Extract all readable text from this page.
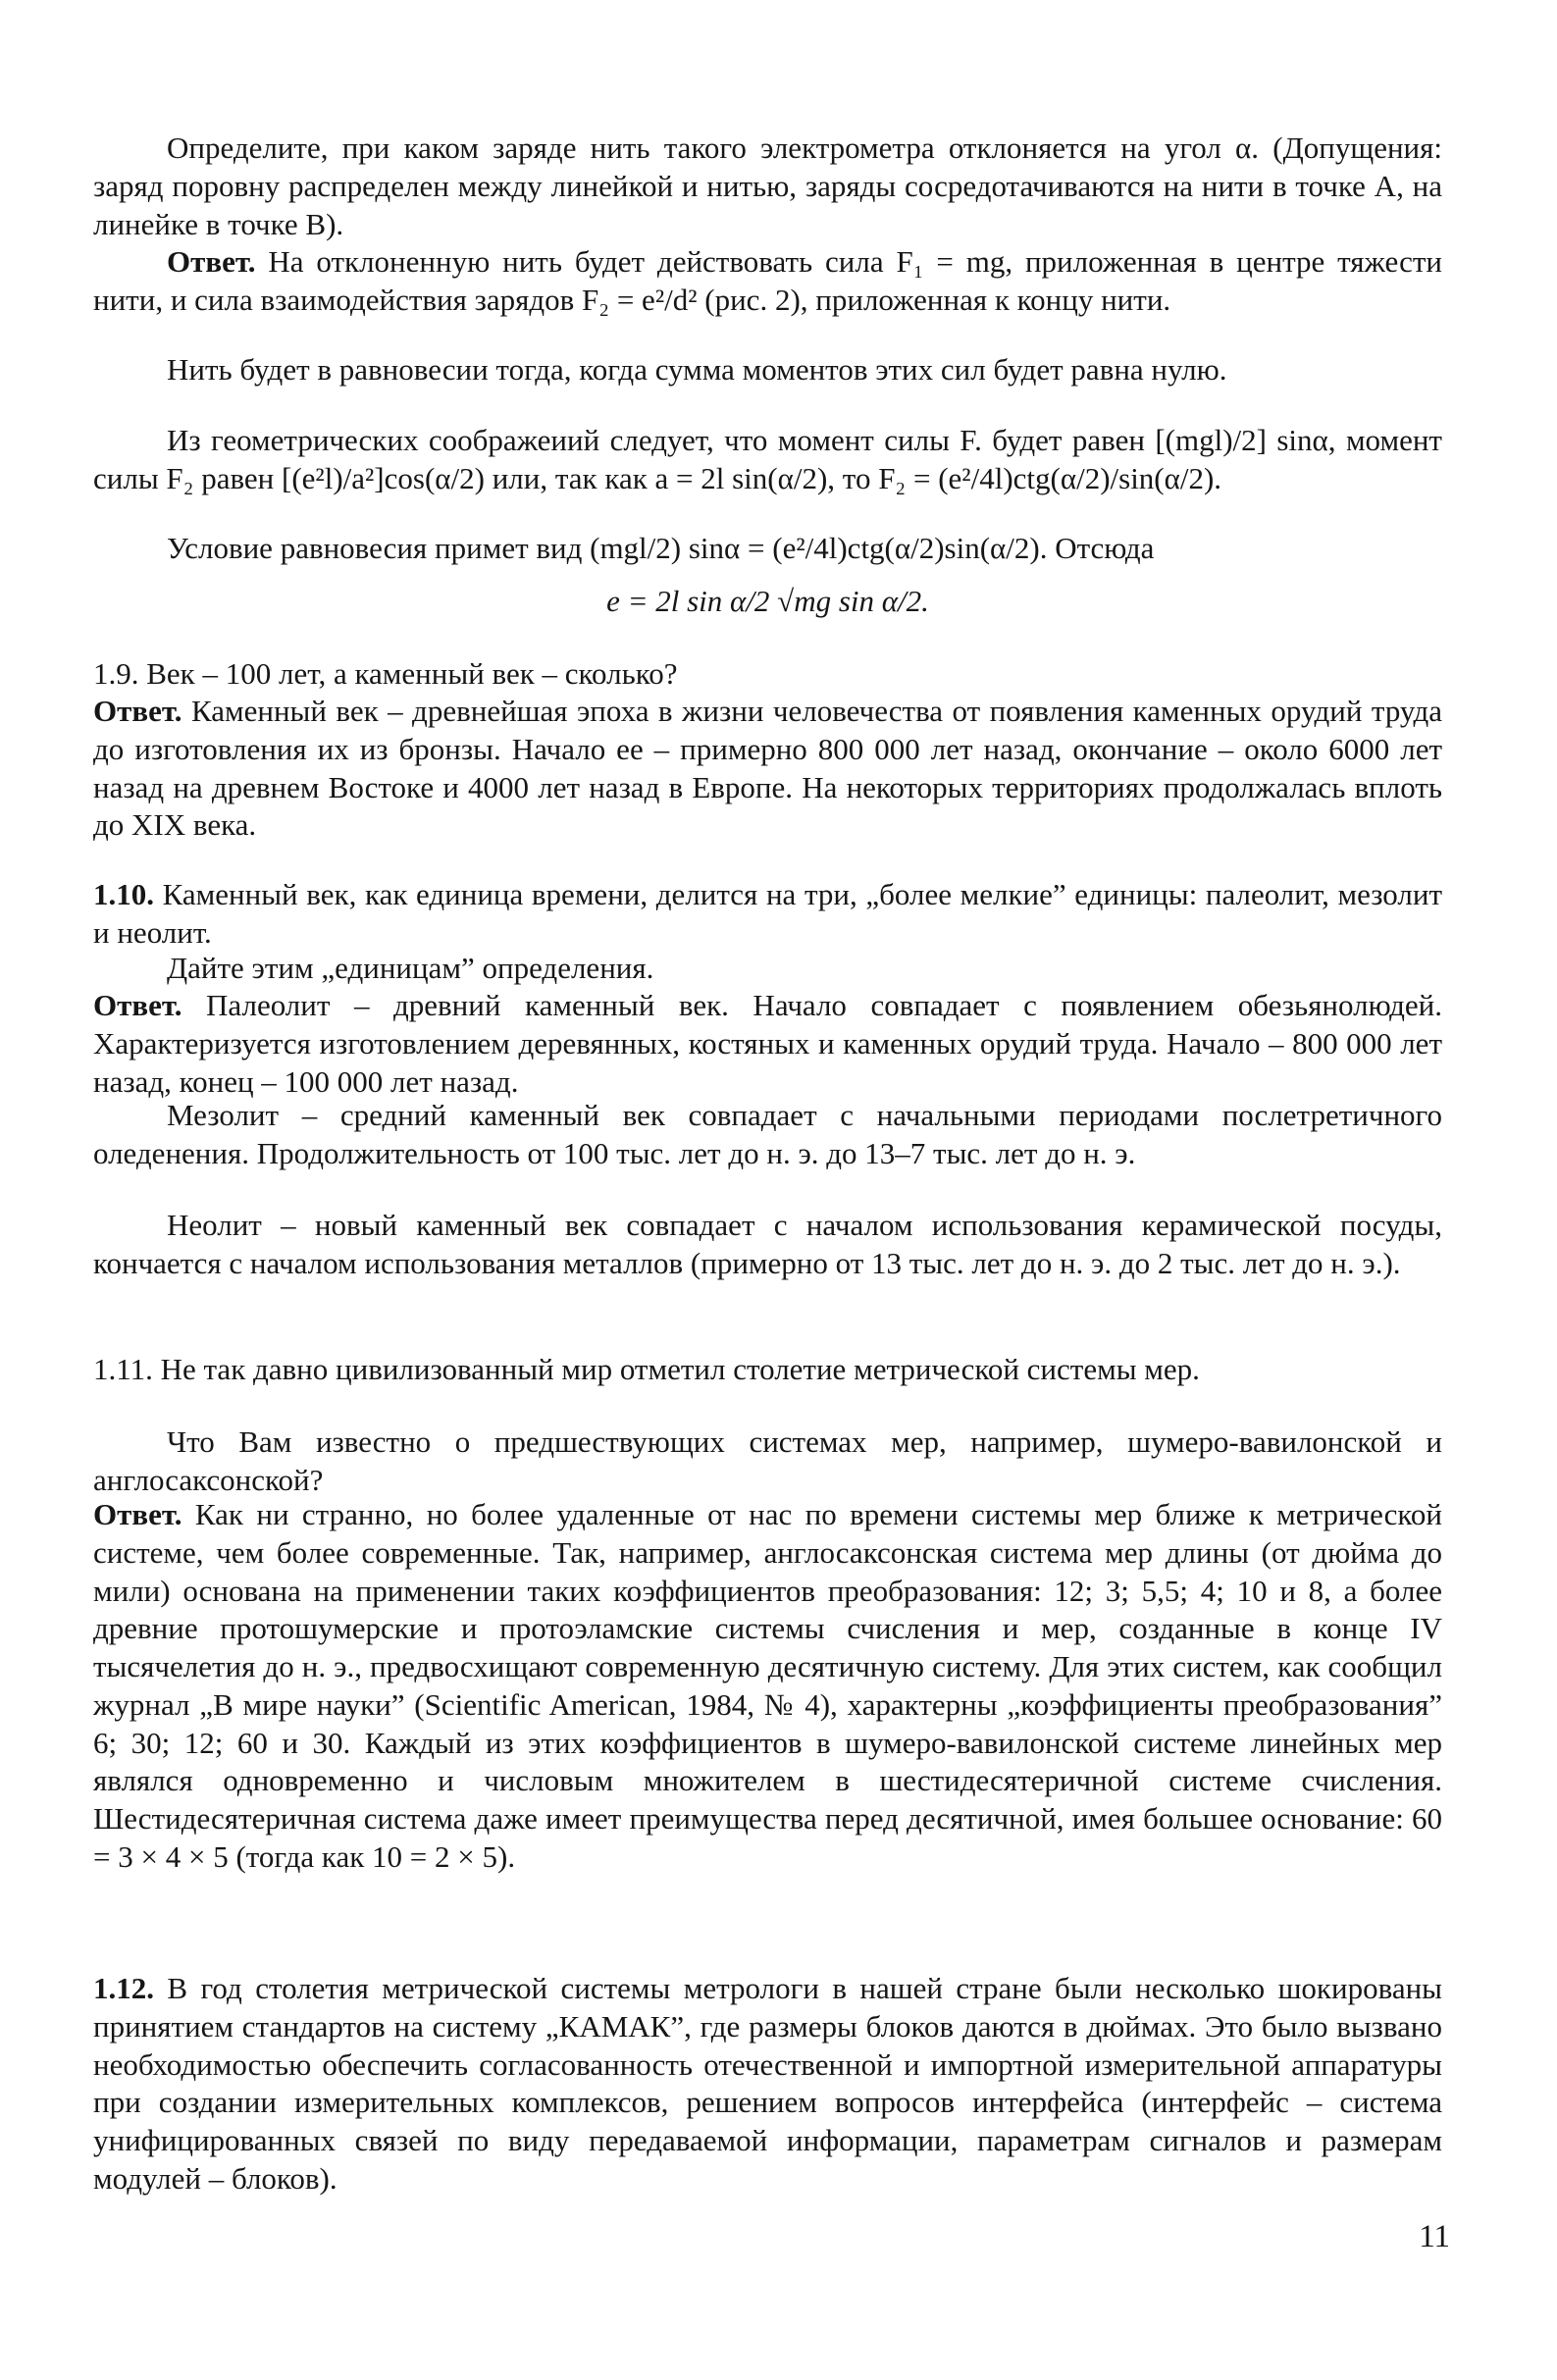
Определите, при каком заряде нить такого электрометра отклоняется на угол α. (Допущения: заряд поровну распределен между линейкой и нитью, заряды сосредотачиваются на нити в точке A, на линейке в точке B).

Ответ. На отклоненную нить будет действовать сила F₁ = mg, приложенная в центре тяжести нити, и сила взаимодействия зарядов F₂ = e²/d² (рис. 2), приложенная к концу нити.

Нить будет в равновесии тогда, когда сумма моментов этих сил будет равна нулю.

Из геометрических соображеиий следует, что момент силы F. будет равен [(mgl)/2] sinα, момент силы F₂ равен [(e²l)/a²]cos(α/2) или, так как a = 2l sin(α/2), то F₂ = (e²/4l)ctg(α/2)/sin(α/2).

Условие равновесия примет вид (mgl/2) sinα = (e²/4l)ctg(α/2)sin(α/2). Отсюда

e = 2l sin α/2 √mg sin α/2.

1.9. Век – 100 лет, а каменный век – сколько?

Ответ. Каменный век – древнейшая эпоха в жизни человечества от появления каменных орудий труда до изготовления их из бронзы. Начало ее – примерно 800 000 лет назад, окончание – около 6000 лет назад на древнем Востоке и 4000 лет назад в Европе. На некоторых территориях продолжалась вплоть до XIX века.

1.10. Каменный век, как единица времени, делится на три, „более мелкие” единицы: палеолит, мезолит и неолит.

Дайте этим „единицам” определения.

Ответ. Палеолит – древний каменный век. Начало совпадает с появлением обезьянолюдей. Характеризуется изготовлением деревянных, костяных и каменных орудий труда. Начало – 800 000 лет назад, конец – 100 000 лет назад.

Мезолит – средний каменный век совпадает с начальными периодами послетретичного оледенения. Продолжительность от 100 тыс. лет до н. э. до 13–7 тыс. лет до н. э.

Неолит – новый каменный век совпадает с началом использования керамической посуды, кончается с началом использования металлов (примерно от 13 тыс. лет до н. э. до 2 тыс. лет до н. э.).

1.11. Не так давно цивилизованный мир отметил столетие метрической системы мер.

Что Вам известно о предшествующих системах мер, например, шумеро-вавилонской и англосаксонской?

Ответ. Как ни странно, но более удаленные от нас по времени системы мер ближе к метрической системе, чем более современные. Так, например, англосаксонская система мер длины (от дюйма до мили) основана на применении таких коэффициентов преобразования: 12; 3; 5,5; 4; 10 и 8, а более древние протошумерские и протоэламские системы счисления и мер, созданные в конце IV тысячелетия до н. э., предвосхищают современную десятичную систему. Для этих систем, как сообщил журнал „В мире науки” (Scientific American, 1984, № 4), характерны „коэффициенты преобразования” 6; 30; 12; 60 и 30. Каждый из этих коэффициентов в шумеро-вавилонской системе линейных мер являлся одновременно и числовым множителем в шестидесятеричной системе счисления. Шестидесятеричная система даже имеет преимущества перед десятичной, имея большее основание: 60 = 3 × 4 × 5 (тогда как 10 = 2 × 5).

1.12. В год столетия метрической системы метрологи в нашей стране были несколько шокированы принятием стандартов на систему „КАМАК”, где размеры блоков даются в дюймах. Это было вызвано необходимостью обеспечить согласованность отечественной и импортной измерительной аппаратуры при создании измерительных комплексов, решением вопросов интерфейса (интерфейс – система унифицированных связей по виду передаваемой информации, параметрам сигналов и размерам модулей – блоков).

11
